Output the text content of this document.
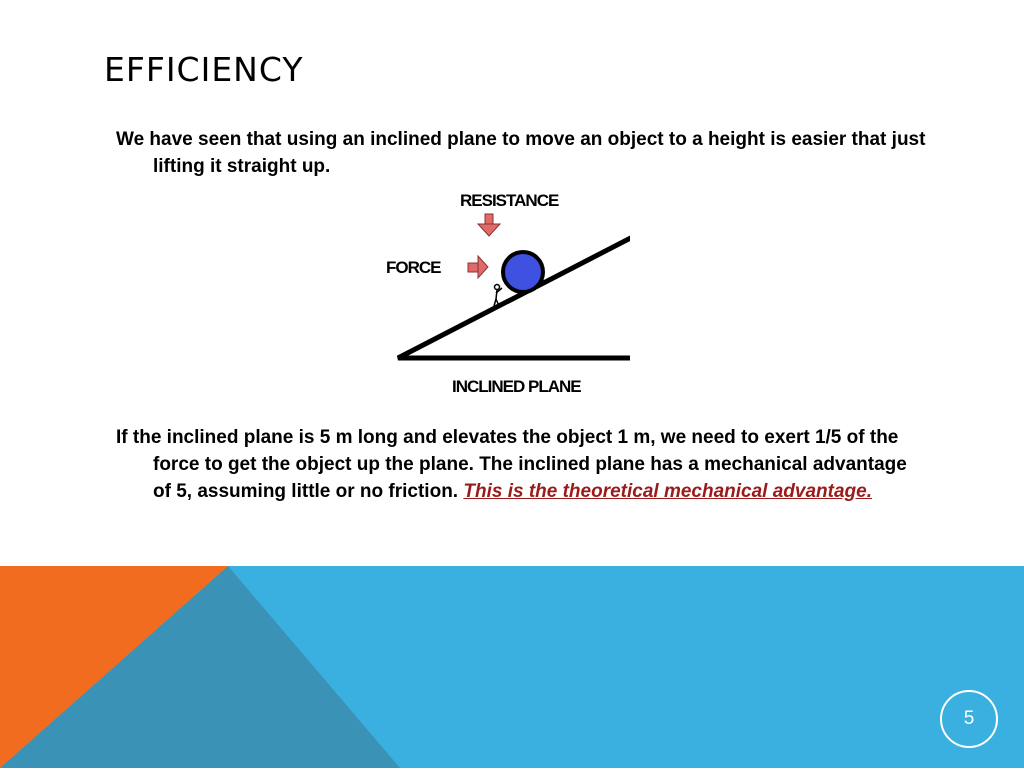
EFFICIENCY
We have seen that using an inclined plane to move an object to a height is easier that just lifting it straight up.
RESISTANCE
FORCE
INCLINED PLANE
If the inclined plane is 5 m long and elevates the object 1 m, we need to exert 1/5 of the force to get the object up the plane. The inclined plane has a mechanical advantage of 5, assuming little or no friction. This is the theoretical mechanical advantage.
5
